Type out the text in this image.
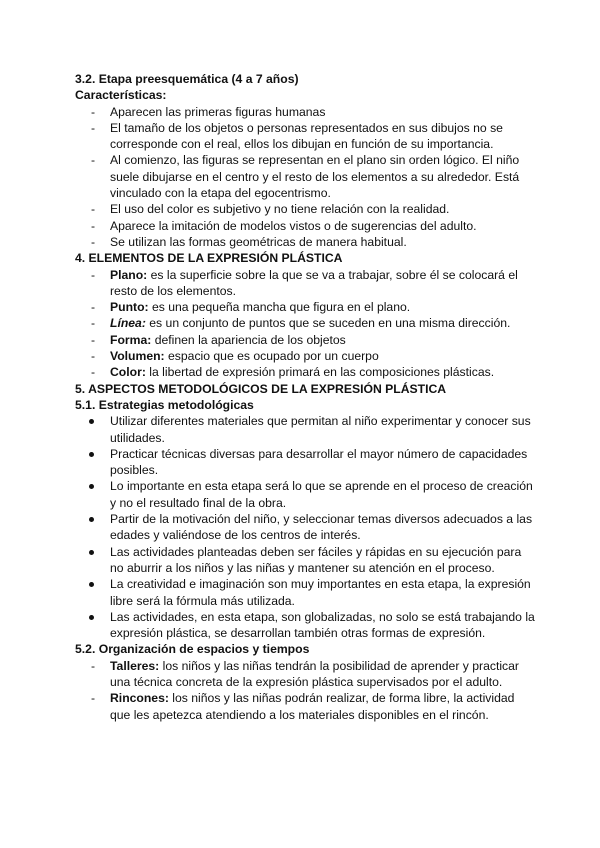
3.2. Etapa preesquemática (4 a 7 años)
Características:
-	Aparecen las primeras figuras humanas
-	El tamaño de los objetos o personas representados en sus dibujos no se corresponde con el real, ellos los dibujan en función de su importancia.
-	Al comienzo, las figuras se representan en el plano sin orden lógico. El niño suele dibujarse en el centro y el resto de los elementos a su alrededor. Está vinculado con la etapa del egocentrismo.
-	El uso del color es subjetivo y no tiene relación con la realidad.
-	Aparece la imitación de modelos vistos o de sugerencias del adulto.
-	Se utilizan las formas geométricas de manera habitual.
4. ELEMENTOS DE LA EXPRESIÓN PLÁSTICA
-	Plano: es la superficie sobre la que se va a trabajar, sobre él se colocará el resto de los elementos.
-	Punto: es una pequeña mancha que figura en el plano.
-	Línea: es un conjunto de puntos que se suceden en una misma dirección.
-	Forma: definen la apariencia de los objetos
-	Volumen: espacio que es ocupado por un cuerpo
-	Color: la libertad de expresión primará en las composiciones plásticas.
5. ASPECTOS METODOLÓGICOS DE LA EXPRESIÓN PLÁSTICA
5.1. Estrategias metodológicas
Utilizar diferentes materiales que permitan al niño experimentar y conocer sus utilidades.
Practicar técnicas diversas para desarrollar el mayor número de capacidades posibles.
Lo importante en esta etapa será lo que se aprende en el proceso de creación y no el resultado final de la obra.
Partir de la motivación del niño, y seleccionar temas diversos adecuados a las edades y valiéndose de los centros de interés.
Las actividades planteadas deben ser fáciles y rápidas en su ejecución para no aburrir a los niños y las niñas y mantener su atención en el proceso.
La creatividad e imaginación son muy importantes en esta etapa, la expresión libre será la fórmula más utilizada.
Las actividades, en esta etapa, son globalizadas, no solo se está trabajando la expresión plástica, se desarrollan también otras formas de expresión.
5.2. Organización de espacios y tiempos
-	Talleres: los niños y las niñas tendrán la posibilidad de aprender y practicar una técnica concreta de la expresión plástica supervisados por el adulto.
-	Rincones: los niños y las niñas podrán realizar, de forma libre, la actividad que les apetezca atendiendo a los materiales disponibles en el rincón.
